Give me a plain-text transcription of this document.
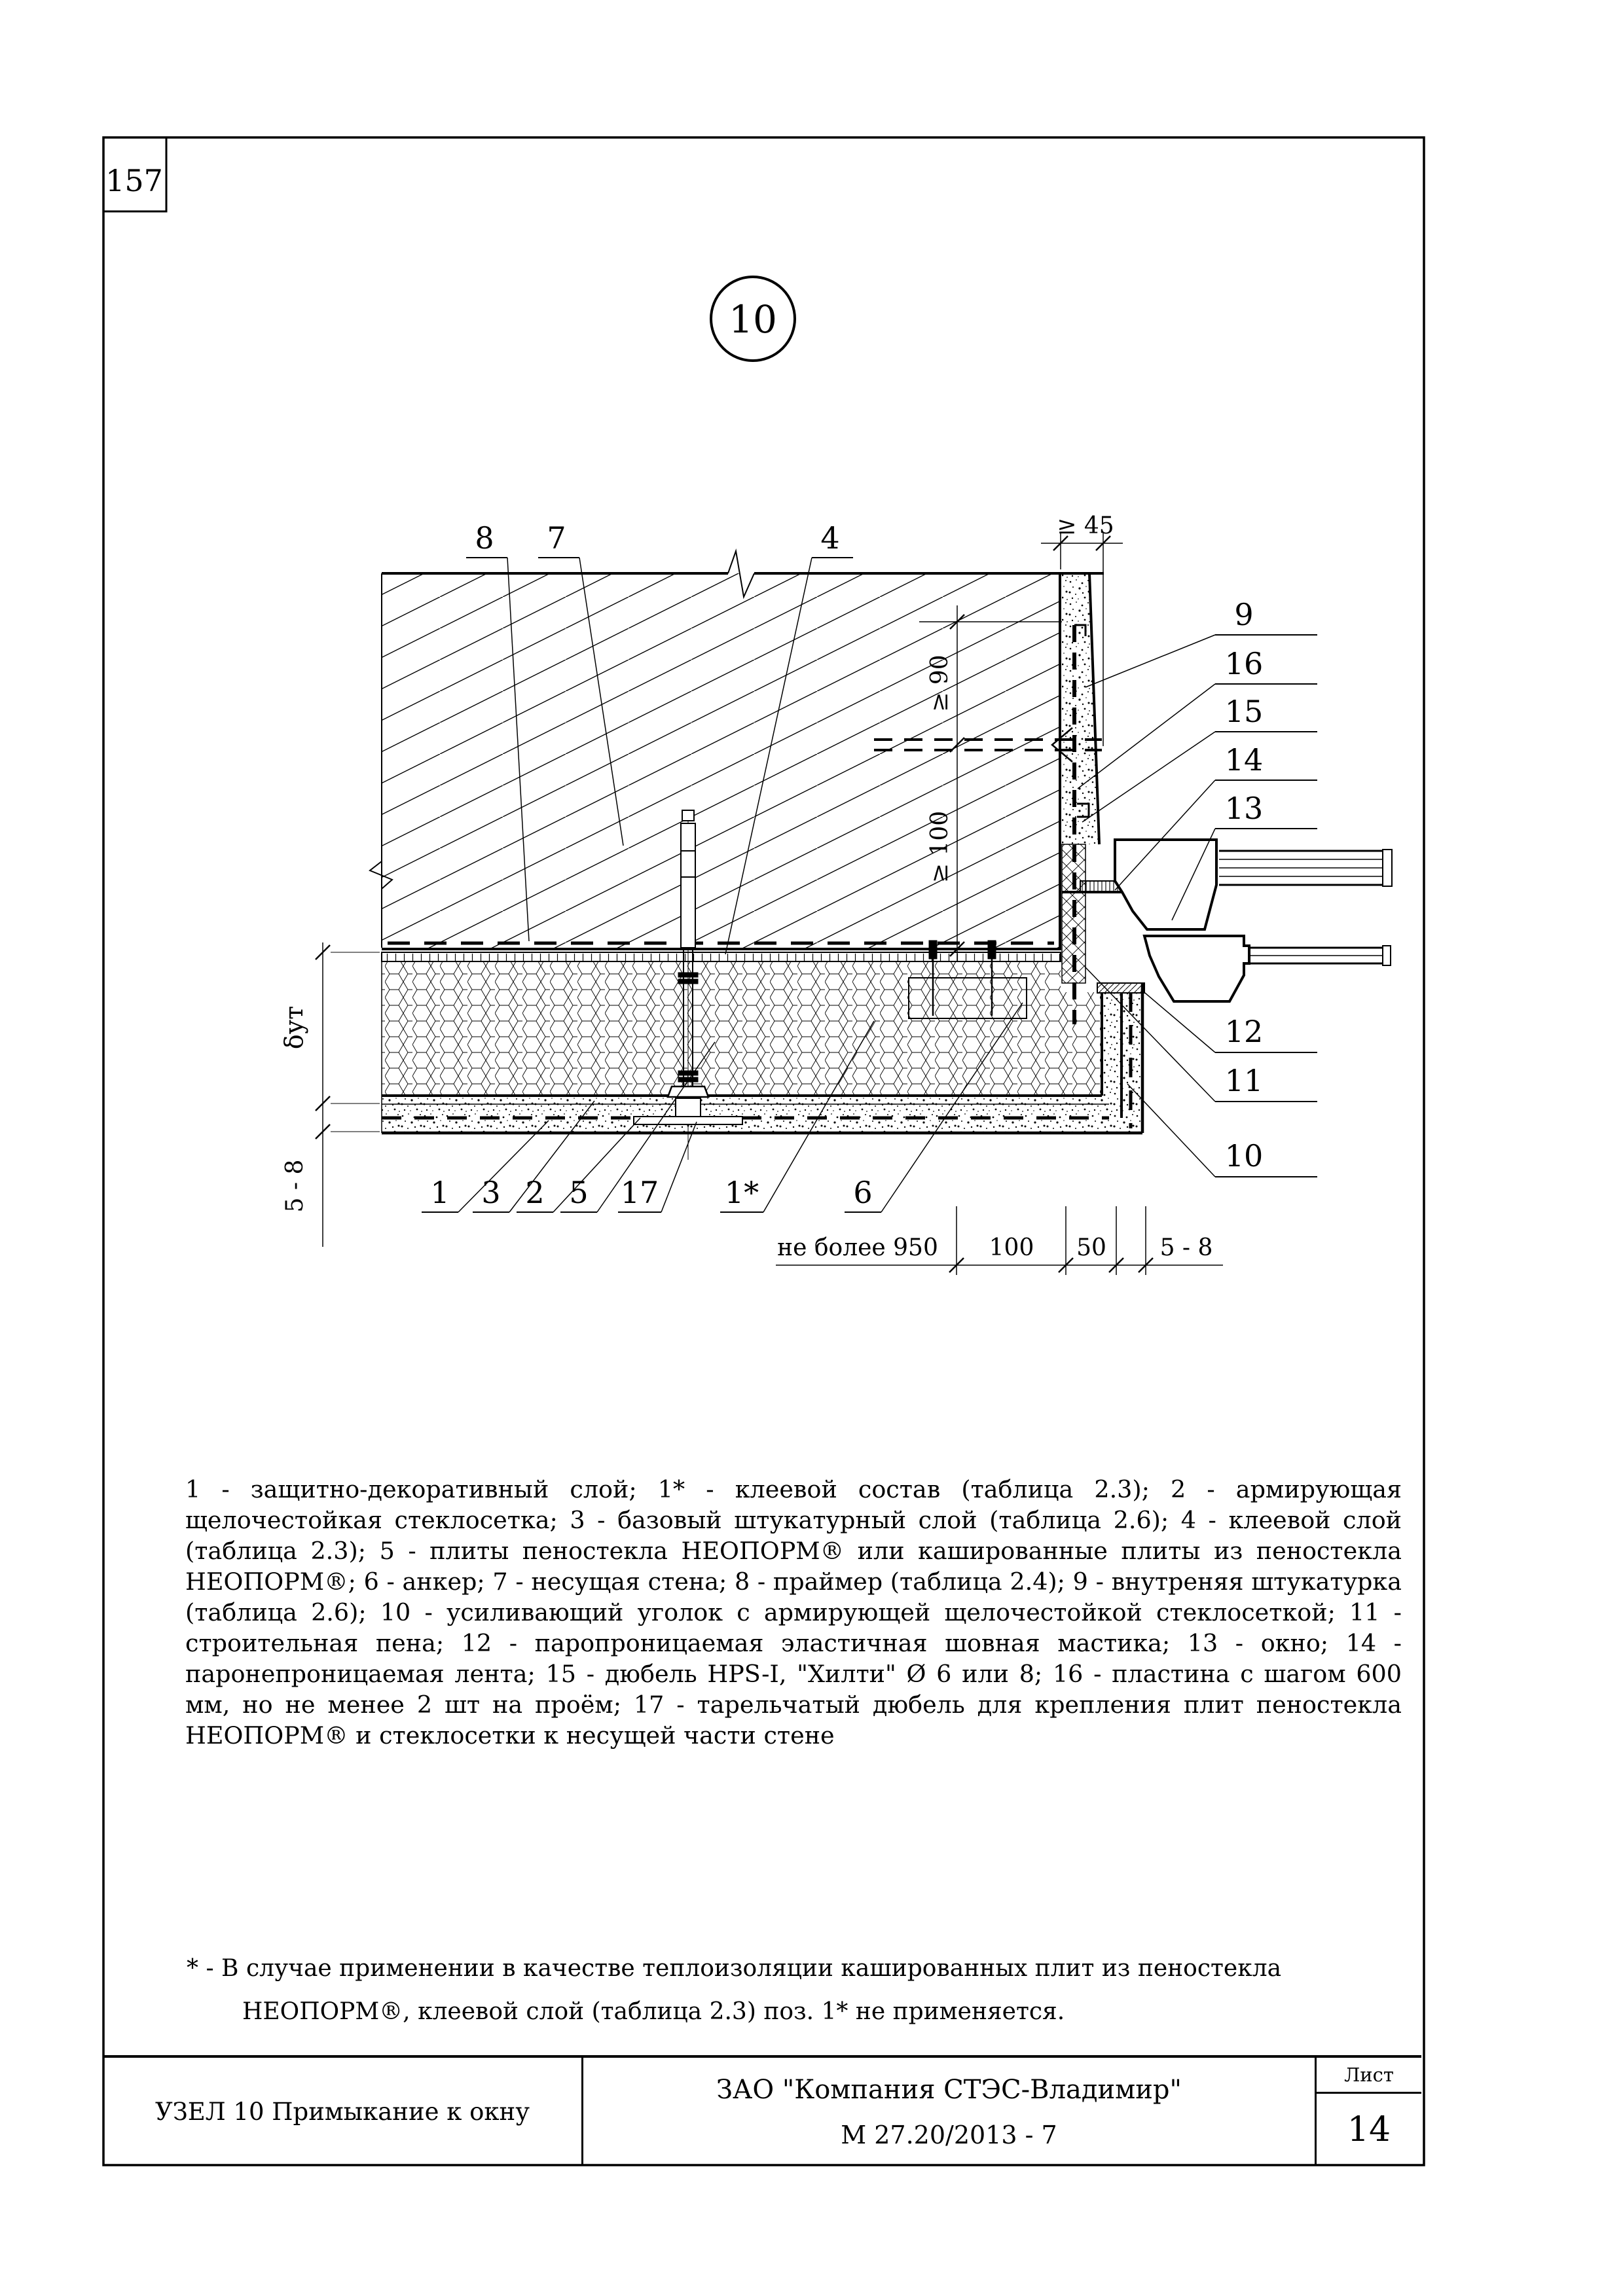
157
10
≥ 45
≥ 90
≥ 100
δут
5 - 8
не более 950 100 50 5 - 8
8 7	4
9
16
15
14
13
12
11
10
1 3 2 5 17 1*	6
1 - защитно-декоративный слой; 1* - клеевой состав (таблица 2.3); 2 - армирующая щелочестойкая стеклосетка; 3 - базовый штукатурный слой (таблица 2.6); 4 - клеевой слой (таблица 2.3); 5 - плиты пеностекла НЕОПОРМ® или кашированные плиты из пеностекла НЕОПОРМ®; 6 - анкер; 7 - несущая стена; 8 - праймер (таблица 2.4); 9 - внутреняя штукатурка (таблица 2.6); 10 - усиливающий уголок с армирующей щелочестойкой стеклосеткой; 11 - строительная пена; 12 - паропроницаемая эластичная шовная мастика; 13 - окно; 14 - паронепроницаемая лента; 15 - дюбель HPS-I, "Хилти" Ø 6 или 8; 16 - пластина с шагом 600 мм, но не менее 2 шт на проём; 17 - тарельчатый дюбель для крепления плит пеностекла НЕОПОРМ® и стеклосетки к несущей части стене
* - В случае применении в качестве теплоизоляции кашированных плит из пеностекла НЕОПОРМ®, клеевой слой (таблица 2.3) поз. 1* не применяется.
УЗЕЛ 10 Примыкание к окну
ЗАО "Компания СТЭС-Владимир"
М 27.20/2013 - 7
Лист
14
